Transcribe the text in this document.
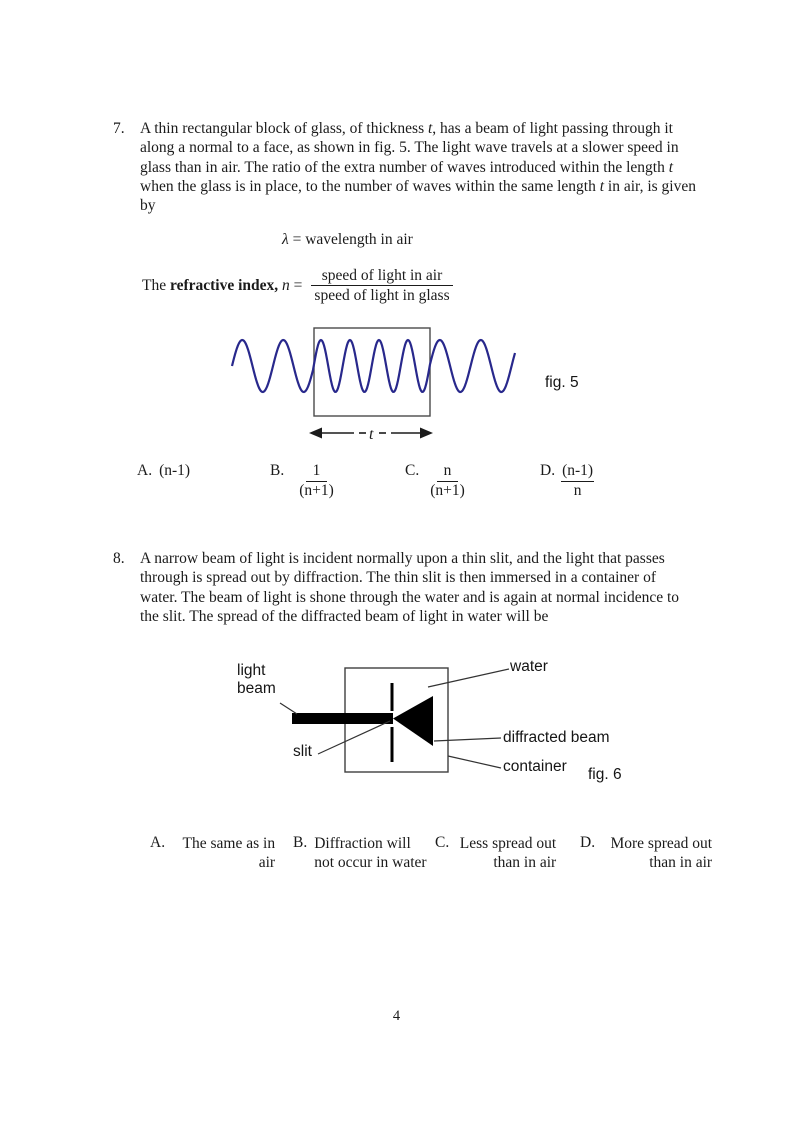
7. A thin rectangular block of glass, of thickness t, has a beam of light passing through it
along a normal to a face, as shown in fig. 5. The light wave travels at a slower speed in
glass than in air. The ratio of the extra number of waves introduced within the length t
when the glass is in place, to the number of waves within the same length t in air, is given
by
λ = wavelength in air
The refractive index, $n = \frac{\text{speed of light in air}}{\text{speed of light in glass}}$
t
fig. 5
A. (n-1)	B. $\frac{1}{(n+1)}$	C. $\frac{n}{(n+1)}$	D. $\frac{(n-1)}{n}$
8. A narrow beam of light is incident normally upon a thin slit, and the light that passes
through is spread out by diffraction. The thin slit is then immersed in a container of
water. The beam of light is shone through the water and is again at normal incidence to
the slit. The spread of the diffracted beam of light in water will be
light beam
slit
water
diffracted beam
container fig. 6
A.	The same as in
air
B. Diffraction will
not occur in water
C. Less spread out
than in air
D. More spread out
than in air
4
